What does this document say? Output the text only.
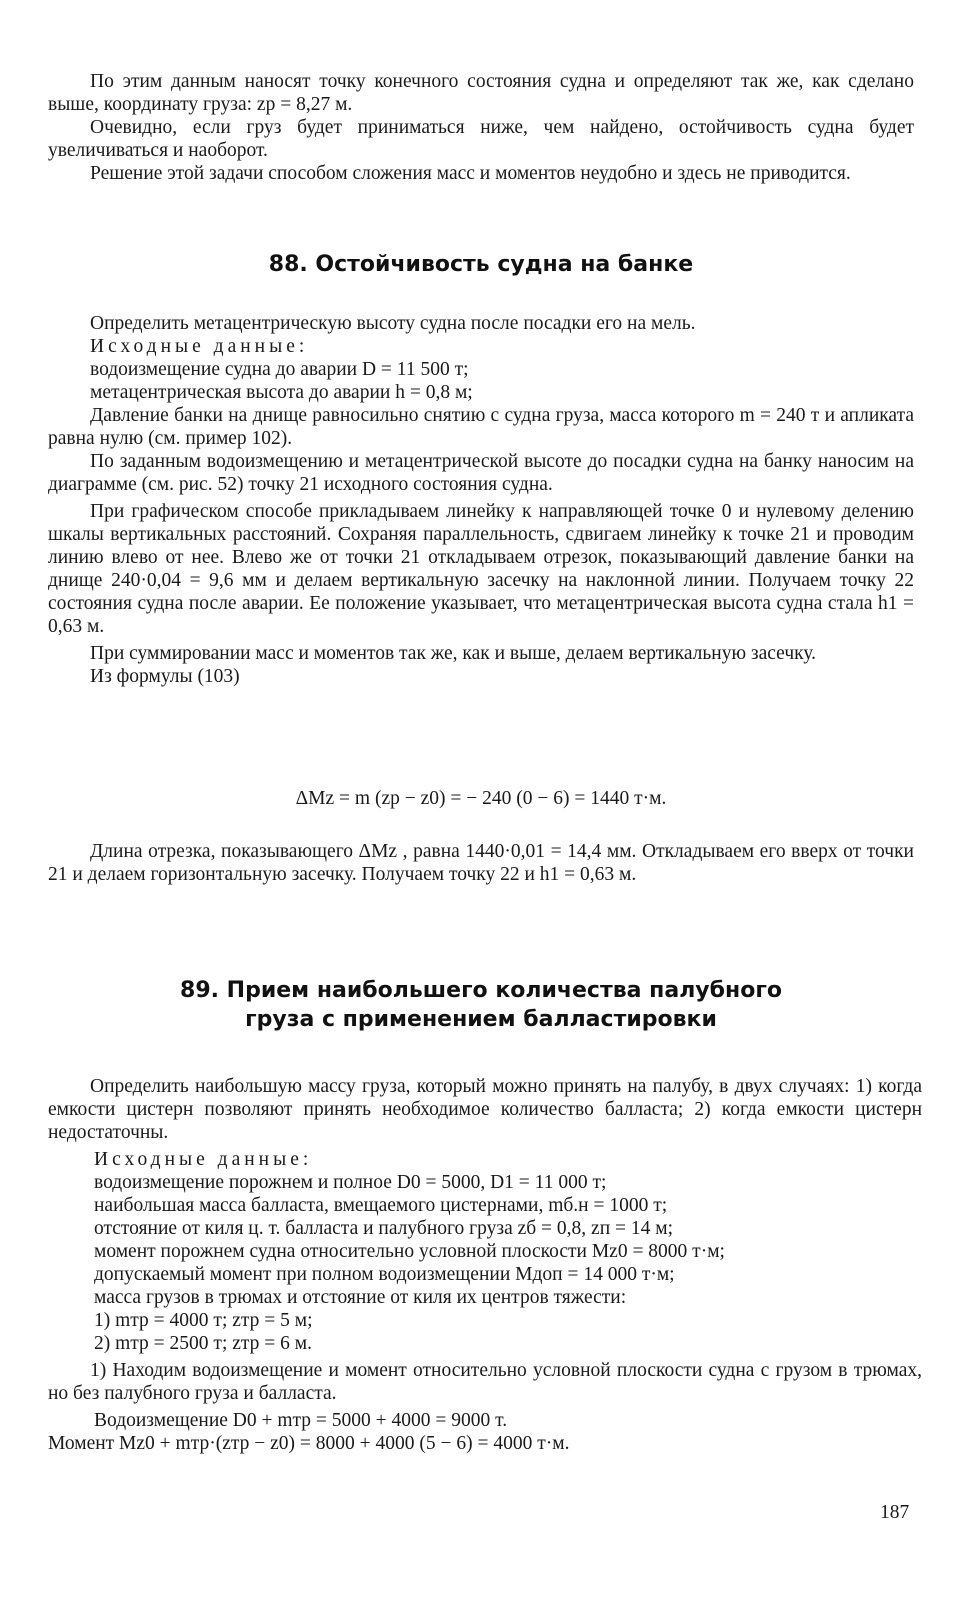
По этим данным наносят точку конечного состояния судна и определяют так же, как сделано выше, координату груза: zp = 8,27 м.

Очевидно, если груз будет приниматься ниже, чем найдено, остойчивость судна будет увеличиваться и наоборот.

Решение этой задачи способом сложения масс и моментов неудобно и здесь не приводится.

88. Остойчивость судна на банке

Определить метацентрическую высоту судна после посадки его на мель.

Исходные данные:

водоизмещение судна до аварии D = 11 500 т;

метацентрическая высота до аварии h = 0,8 м;

Давление банки на днище равносильно снятию с судна груза, масса которого m = 240 т и апликата равна нулю (см. пример 102).

По заданным водоизмещению и метацентрической высоте до посадки судна на банку наносим на диаграмме (см. рис. 52) точку 21 исходного состояния судна.

При графическом способе прикладываем линейку к направляющей точке 0 и нулевому делению шкалы вертикальных расстояний. Сохраняя параллельность, сдвигаем линейку к точке 21 и проводим линию влево от нее. Влево же от точки 21 откладываем отрезок, показывающий давление банки на днище 240·0,04 = 9,6 мм и делаем вертикальную засечку на наклонной линии. Получаем точку 22 состояния судна после аварии. Ее положение указывает, что метацентрическая высота судна стала h1 = 0,63 м.

При суммировании масс и моментов так же, как и выше, делаем вертикальную засечку.

Из формулы (103)

ΔMz = m (zp − z0) = − 240 (0 − 6) = 1440 т·м.

Длина отрезка, показывающего ΔMz , равна 1440·0,01 = 14,4 мм. Откладываем его вверх от точки 21 и делаем горизонтальную засечку. Получаем точку 22 и h1 = 0,63 м.

89. Прием наибольшего количества палубного
груза с применением балластировки

Определить наибольшую массу груза, который можно принять на палубу, в двух случаях: 1) когда емкости цистерн позволяют принять необходимое количество балласта; 2) когда емкости цистерн недостаточны.

Исходные данные:

водоизмещение порожнем и полное D0 = 5000, D1 = 11 000 т;

наибольшая масса балласта, вмещаемого цистернами, mб.н = 1000 т;

отстояние от киля ц. т. балласта и палубного груза zб = 0,8, zп = 14 м;

момент порожнем судна относительно условной плоскости Mz0 = 8000 т·м;

допускаемый момент при полном водоизмещении Mдоп = 14 000 т·м;

масса грузов в трюмах и отстояние от киля их центров тяжести:

1) mтр = 4000 т; zтр = 5 м;

2) mтр = 2500 т; zтр = 6 м.

1) Находим водоизмещение и момент относительно условной плоскости судна с грузом в трюмах, но без палубного груза и балласта.

Водоизмещение D0 + mтр = 5000 + 4000 = 9000 т.

Момент Mz0 + mтр·(zтр − z0) = 8000 + 4000 (5 − 6) = 4000 т·м.

187
